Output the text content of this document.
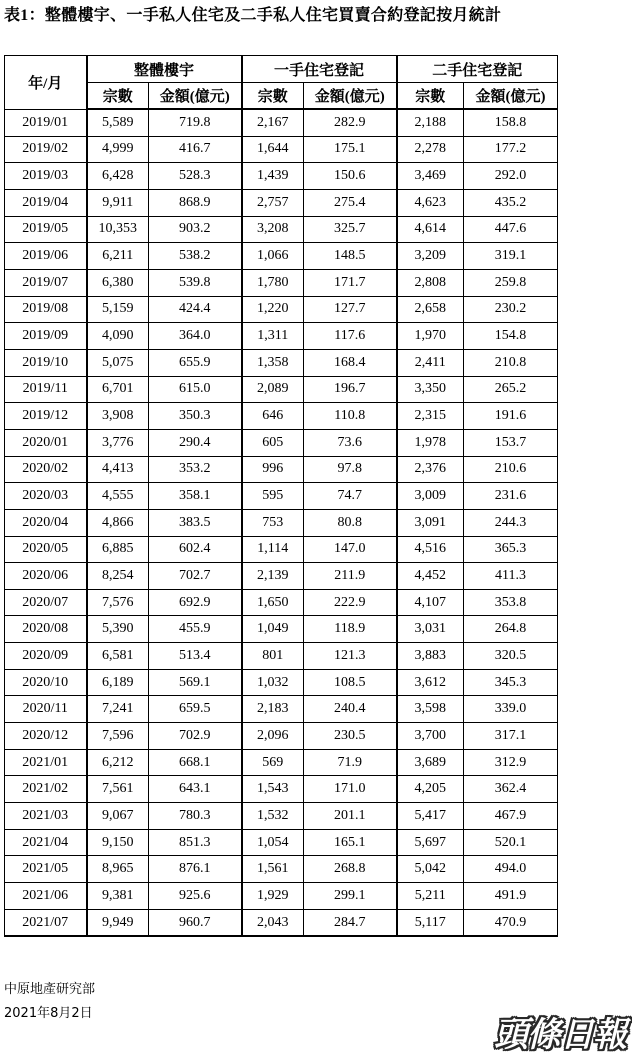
表1：整體樓宇、一手私人住宅及二手私人住宅買賣合約登記按月統計
年/月	整體樓宇		一手住宅登記		二手住宅登記	
	宗數	金額(億元)	宗數	金額(億元)	宗數	金額(億元)
2019/01	5,589	719.8	2,167	282.9	2,188	158.8
2019/02	4,999	416.7	1,644	175.1	2,278	177.2
2019/03	6,428	528.3	1,439	150.6	3,469	292.0
2019/04	9,911	868.9	2,757	275.4	4,623	435.2
2019/05	10,353	903.2	3,208	325.7	4,614	447.6
2019/06	6,211	538.2	1,066	148.5	3,209	319.1
2019/07	6,380	539.8	1,780	171.7	2,808	259.8
2019/08	5,159	424.4	1,220	127.7	2,658	230.2
2019/09	4,090	364.0	1,311	117.6	1,970	154.8
2019/10	5,075	655.9	1,358	168.4	2,411	210.8
2019/11	6,701	615.0	2,089	196.7	3,350	265.2
2019/12	3,908	350.3	646	110.8	2,315	191.6
2020/01	3,776	290.4	605	73.6	1,978	153.7
2020/02	4,413	353.2	996	97.8	2,376	210.6
2020/03	4,555	358.1	595	74.7	3,009	231.6
2020/04	4,866	383.5	753	80.8	3,091	244.3
2020/05	6,885	602.4	1,114	147.0	4,516	365.3
2020/06	8,254	702.7	2,139	211.9	4,452	411.3
2020/07	7,576	692.9	1,650	222.9	4,107	353.8
2020/08	5,390	455.9	1,049	118.9	3,031	264.8
2020/09	6,581	513.4	801	121.3	3,883	320.5
2020/10	6,189	569.1	1,032	108.5	3,612	345.3
2020/11	7,241	659.5	2,183	240.4	3,598	339.0
2020/12	7,596	702.9	2,096	230.5	3,700	317.1
2021/01	6,212	668.1	569	71.9	3,689	312.9
2021/02	7,561	643.1	1,543	171.0	4,205	362.4
2021/03	9,067	780.3	1,532	201.1	5,417	467.9
2021/04	9,150	851.3	1,054	165.1	5,697	520.1
2021/05	8,965	876.1	1,561	268.8	5,042	494.0
2021/06	9,381	925.6	1,929	299.1	5,211	491.9
2021/07	9,949	960.7	2,043	284.7	5,117	470.9
中原地產研究部
2021年8月2日
頭條日報
